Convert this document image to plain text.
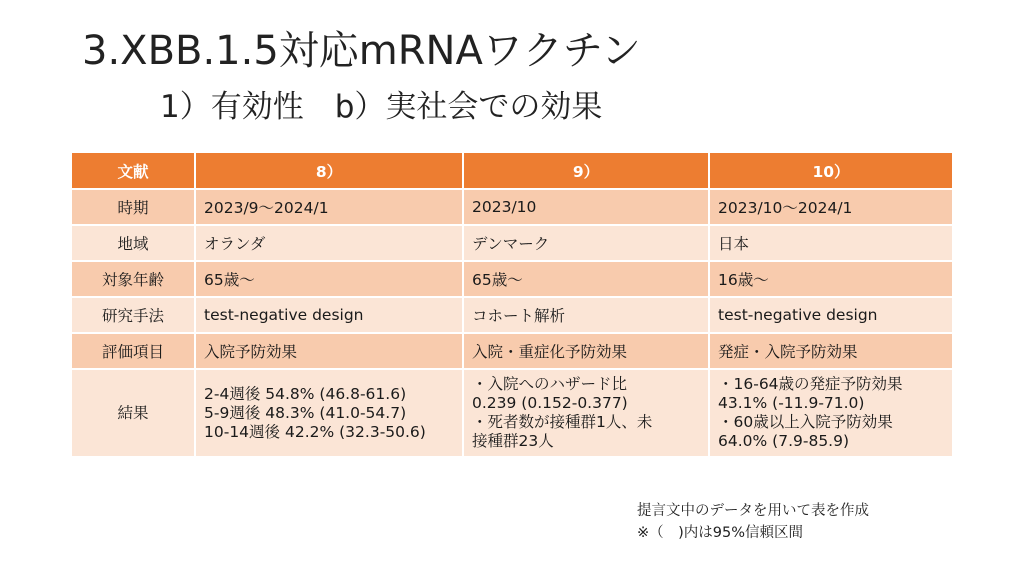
3.XBB.1.5対応mRNAワクチン
1）有効性　b）実社会での効果
文献	8）	9）	10）
時期	2023/9〜2024/1	2023/10	2023/10〜2024/1

地域	オランダ	デンマーク	日本

対象年齢	65歳〜	65歳〜	16歳〜

研究手法	test-negative design	コホート解析	test-negative design

評価項目	入院予防効果	入院・重症化予防効果	発症・入院予防効果

結果	2-4週後 54.8% (46.8-61.6)
5-9週後 48.3% (41.0-54.7)
10-14週後 42.2% (32.3-50.6)	・入院へのハザード比
0.239 (0.152-0.377)
・死者数が接種群1人、未
接種群23人	・16-64歳の発症予防効果
43.1% (-11.9-71.0)
・60歳以上入院予防効果
64.0% (7.9-85.9)
提言文中のデータを用いて表を作成
※（　)内は95%信頼区間
